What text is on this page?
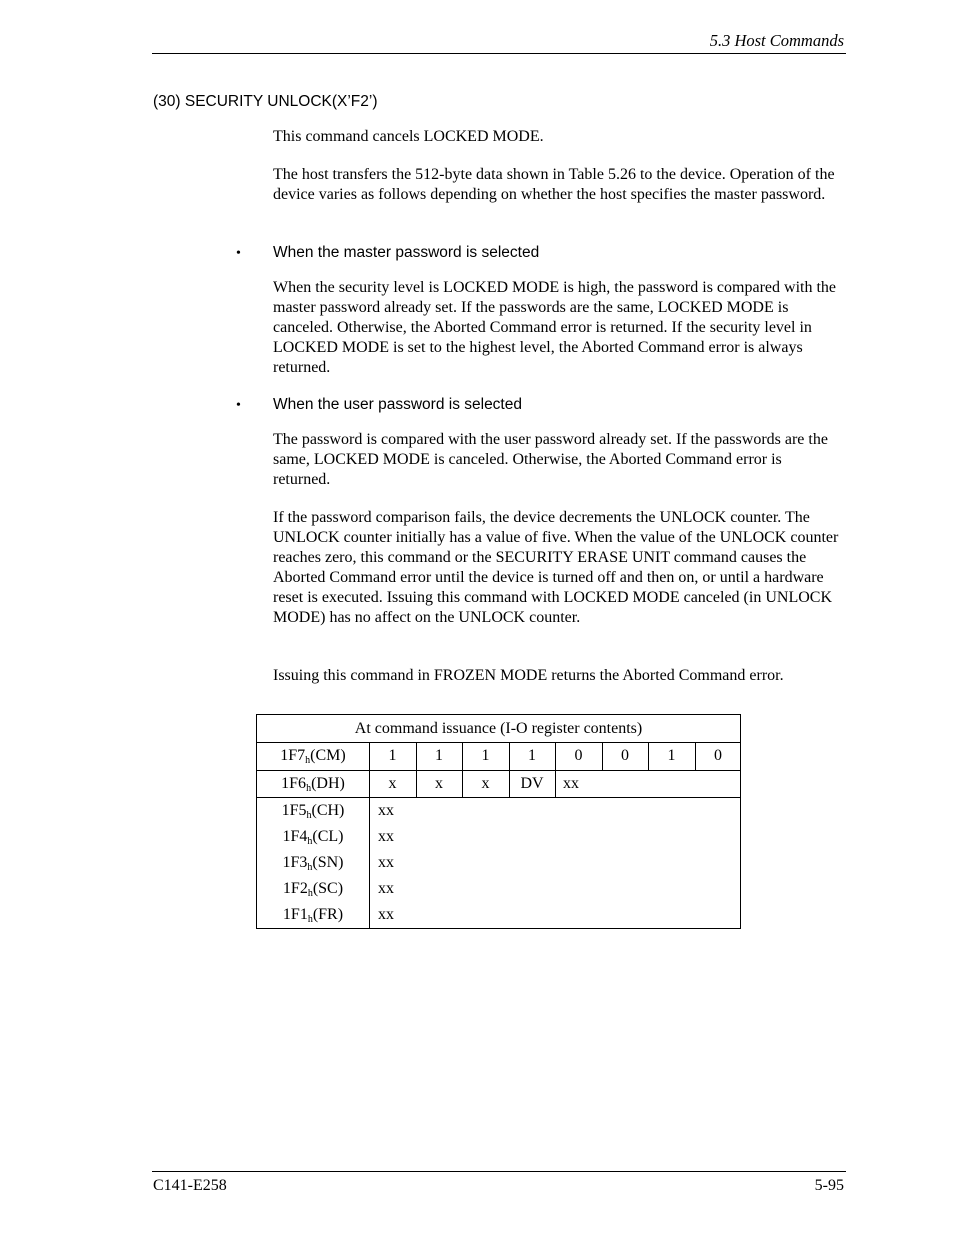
5.3 Host Commands
(30) SECURITY UNLOCK(X’F2’)
This command cancels LOCKED MODE.
The host transfers the 512-byte data shown in Table 5.26 to the device. Operation of the device varies as follows depending on whether the host specifies the master password.
• When the master password is selected
When the security level is LOCKED MODE is high, the password is compared with the master password already set. If the passwords are the same, LOCKED MODE is canceled. Otherwise, the Aborted Command error is returned. If the security level in LOCKED MODE is set to the highest level, the Aborted Command error is always returned.
• When the user password is selected
The password is compared with the user password already set. If the passwords are the same, LOCKED MODE is canceled. Otherwise, the Aborted Command error is returned.
If the password comparison fails, the device decrements the UNLOCK counter. The UNLOCK counter initially has a value of five. When the value of the UNLOCK counter reaches zero, this command or the SECURITY ERASE UNIT command causes the Aborted Command error until the device is turned off and then on, or until a hardware reset is executed. Issuing this command with LOCKED MODE canceled (in UNLOCK MODE) has no affect on the UNLOCK counter.
Issuing this command in FROZEN MODE returns the Aborted Command error.
At command issuance (I-O register contents)
$1F7_h(CM)$	1	1	1	1	0	0	1	0
$1F6_h(DH)$	x	x	x	DV	xx
$1F5_h(CH)$	xx
$1F4_h(CL)$	xx
$1F3_h(SN)$	xx
$1F2_h(SC)$	xx
$1F1_h(FR)$	xx
C141-E258	5-95
